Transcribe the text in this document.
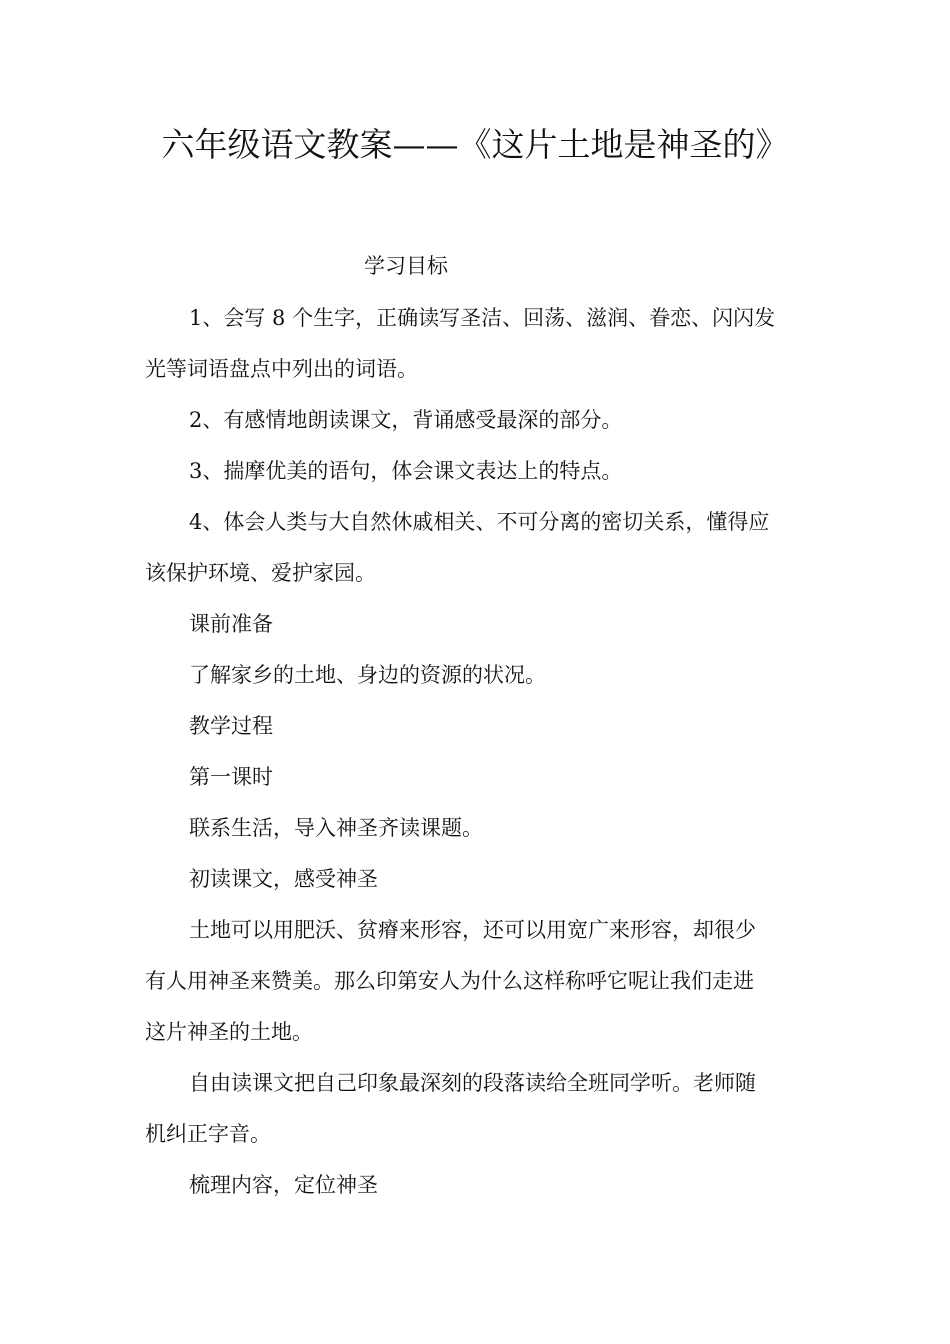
六年级语文教案——《这片土地是神圣的》
学习目标
1、会写 8 个生字，正确读写圣洁、回荡、滋润、眷恋、闪闪发
光等词语盘点中列出的词语。
2、有感情地朗读课文，背诵感受最深的部分。
3、揣摩优美的语句，体会课文表达上的特点。
4、体会人类与大自然休戚相关、不可分离的密切关系，懂得应
该保护环境、爱护家园。
课前准备
了解家乡的土地、身边的资源的状况。
教学过程
第一课时
联系生活，导入神圣齐读课题。
初读课文，感受神圣
土地可以用肥沃、贫瘠来形容，还可以用宽广来形容，却很少
有人用神圣来赞美。那么印第安人为什么这样称呼它呢让我们走进
这片神圣的土地。
自由读课文把自己印象最深刻的段落读给全班同学听。老师随
机纠正字音。
梳理内容，定位神圣
